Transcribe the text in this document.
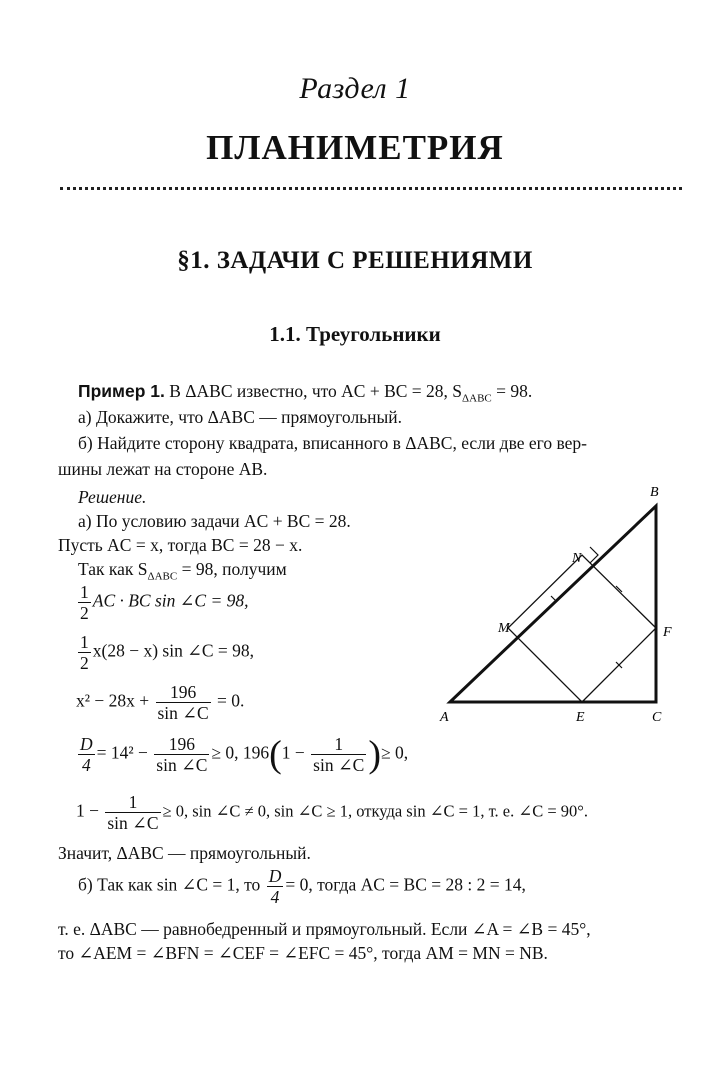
Раздел 1
ПЛАНИМЕТРИЯ
§1. ЗАДАЧИ С РЕШЕНИЯМИ
1.1. Треугольники
Пример 1. В ΔABC известно, что AC + BC = 28, $S_{\Delta ABC} = 98$.
а) Докажите, что ΔABC — прямоугольный.
б) Найдите сторону квадрата, вписанного в ΔABC, если две его вер-
шины лежат на стороне AB.
Решение.
а) По условию задачи AC + BC = 28.
Пусть AC = x, тогда BC = 28 − x.
Так как $S_{\Delta ABC} = 98$, получим
$\frac{1}{2}$ AC · BC sin ∠C = 98,
$\frac{1}{2} x(28 - x)$ sin ∠C = 98,
$x^2 - 28x + \frac{196}{\sin \angle C} = 0$.
$\frac{D}{4} = 14^2 - \frac{196}{\sin \angle C} \ge 0$, $196(1 - \frac{1}{\sin \angle C}$ )≥ 0,
$1 - \frac{1}{\sin \angle C} \ge 0$, sin ∠C ≠ 0, sin ∠C ≥ 1, откуда sin ∠C = 1, т. е. ∠C = 90°.
Значит, ΔABC — прямоугольный.
б) Так как sin ∠C = 1, то $\frac{D}{4} = 0$, тогда AC = BC = 28 : 2 = 14,
т. е. ΔABC — равнобедренный и прямоугольный. Если ∠A = ∠B = 45°,
то ∠AEM = ∠BFN = ∠CEF = ∠EFC = 45°, тогда AM = MN = NB.
A
B
C
E
F
M
N
